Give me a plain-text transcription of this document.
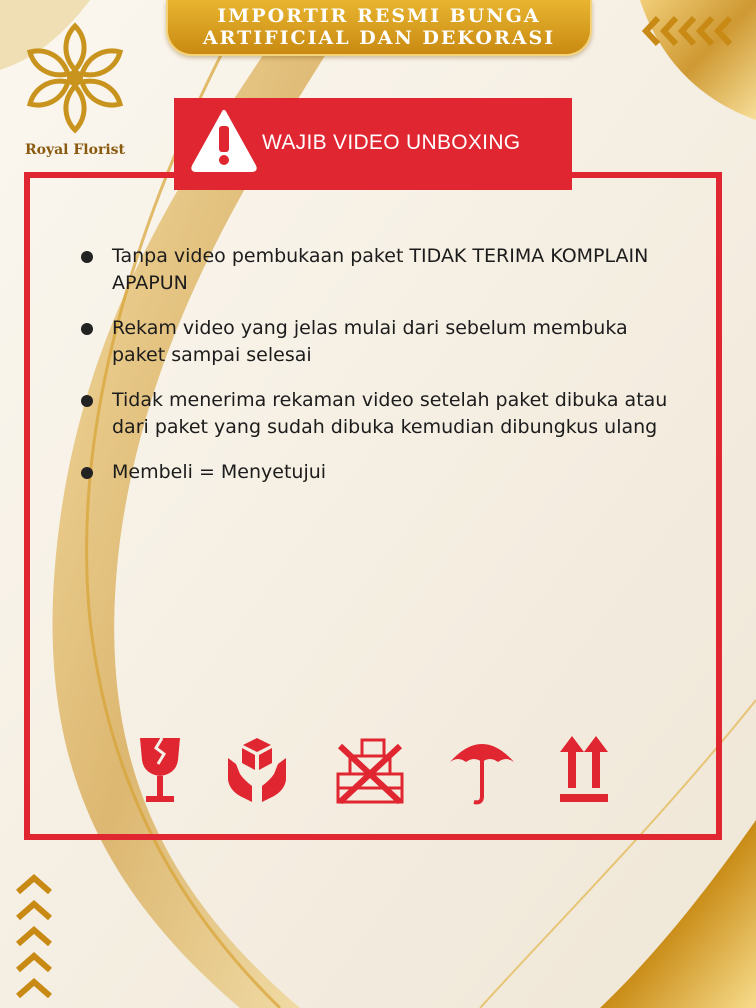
IMPORTIR RESMI BUNGA
ARTIFICIAL DAN DEKORASI
Royal Florist	WAJIB VIDEO UNBOXING
Tanpa video pembukaan paket TIDAK TERIMA KOMPLAIN APAPUN
Rekam video yang jelas mulai dari sebelum membuka paket sampai selesai
Tidak menerima rekaman video setelah paket dibuka atau dari paket yang sudah dibuka kemudian dibungkus ulang
Membeli = Menyetujui
